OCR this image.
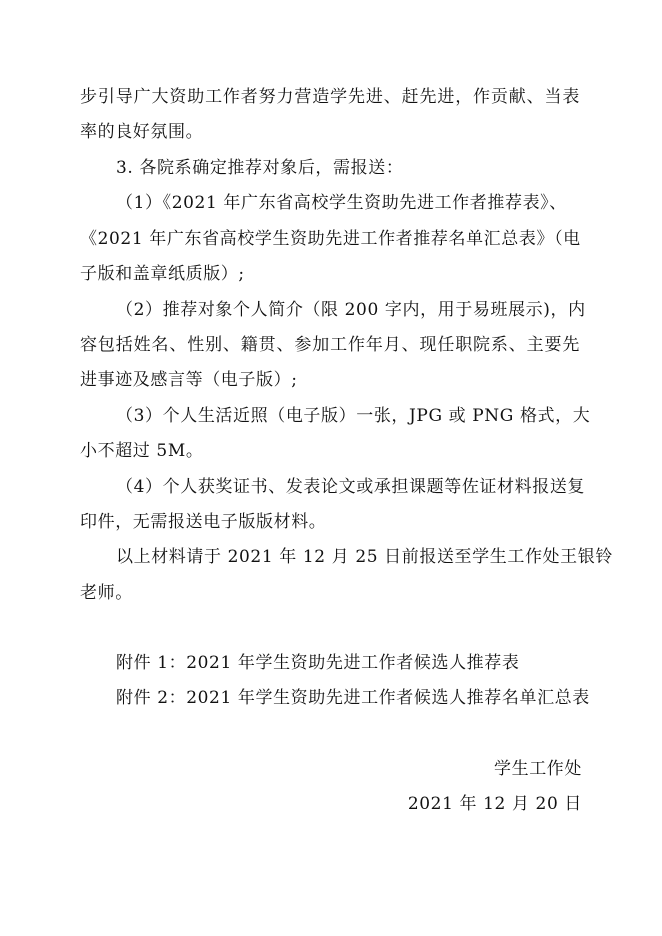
步引导广大资助工作者努力营造学先进、赶先进，作贡献、当表
率的良好氛围。
3. 各院系确定推荐对象后，需报送：
（1）《2021 年广东省高校学生资助先进工作者推荐表》、
《2021 年广东省高校学生资助先进工作者推荐名单汇总表》（电
子版和盖章纸质版）;
（2）推荐对象个人简介（限 200 字内，用于易班展示)，内
容包括姓名、性别、籍贯、参加工作年月、现任职院系、主要先
进事迹及感言等（电子版）;
（3）个人生活近照（电子版）一张，JPG 或 PNG 格式，大
小不超过 5M。
（4）个人获奖证书、发表论文或承担课题等佐证材料报送复
印件，无需报送电子版版材料。
以上材料请于 2021 年 12 月 25 日前报送至学生工作处王银铃
老师。
附件 1：2021 年学生资助先进工作者候选人推荐表
附件 2：2021 年学生资助先进工作者候选人推荐名单汇总表
学生工作处
2021 年 12 月 20 日
